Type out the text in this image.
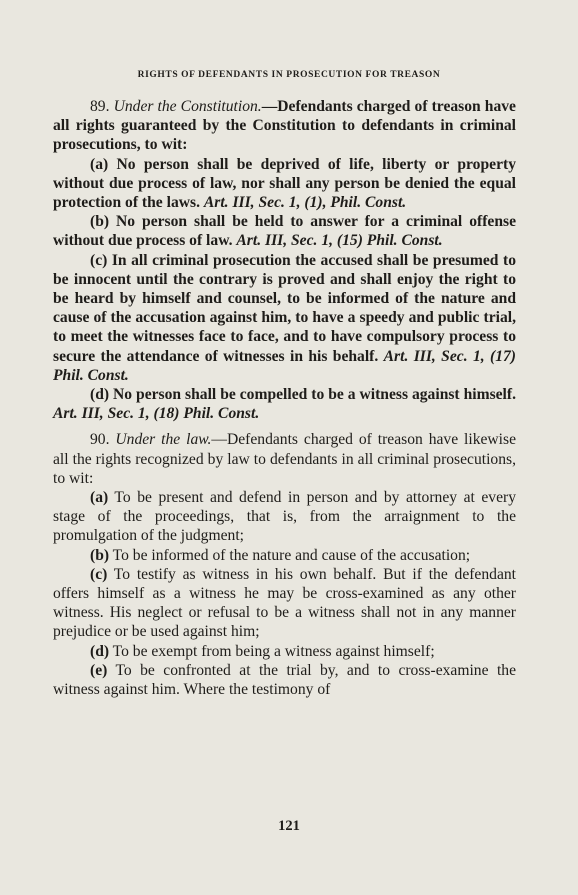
RIGHTS OF DEFENDANTS IN PROSECUTION FOR TREASON

89. Under the Constitution.—Defendants charged of treason have all rights guaranteed by the Constitution to defendants in criminal prosecutions, to wit:

(a) No person shall be deprived of life, liberty or property without due process of law, nor shall any person be denied the equal protection of the laws. Art. III, Sec. 1, (1), Phil. Const.

(b) No person shall be held to answer for a criminal offense without due process of law. Art. III, Sec. 1, (15) Phil. Const.

(c) In all criminal prosecution the accused shall be presumed to be innocent until the contrary is proved and shall enjoy the right to be heard by himself and counsel, to be informed of the nature and cause of the accusation against him, to have a speedy and public trial, to meet the witnesses face to face, and to have compulsory process to secure the attendance of witnesses in his behalf. Art. III, Sec. 1, (17) Phil. Const.

(d) No person shall be compelled to be a witness against himself. Art. III, Sec. 1, (18) Phil. Const.

90. Under the law.—Defendants charged of treason have likewise all the rights recognized by law to defendants in all criminal prosecutions, to wit:

(a) To be present and defend in person and by attorney at every stage of the proceedings, that is, from the arraignment to the promulgation of the judgment;

(b) To be informed of the nature and cause of the accusation;

(c) To testify as witness in his own behalf. But if the defendant offers himself as a witness he may be cross-examined as any other witness. His neglect or refusal to be a witness shall not in any manner prejudice or be used against him;

(d) To be exempt from being a witness against himself;

(e) To be confronted at the trial by, and to cross-examine the witness against him. Where the testimony of

121
